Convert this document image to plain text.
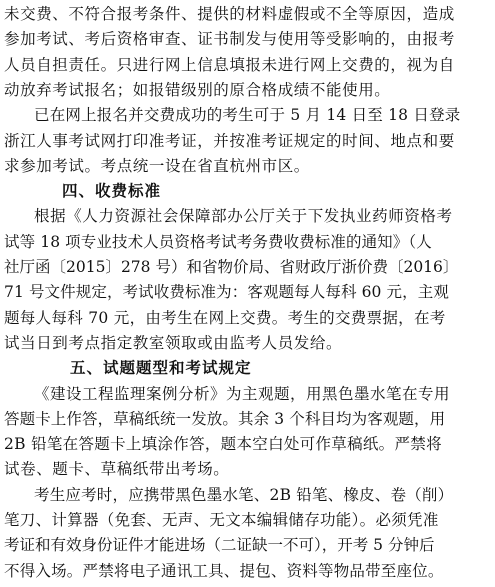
未交费、不符合报考条件、提供的材料虚假或不全等原因，造成
参加考试、考后资格审查、证书制发与使用等受影响的，由报考
人员自担责任。只进行网上信息填报未进行网上交费的，视为自
动放弃考试报名；如报错级别的原合格成绩不能使用。
已在网上报名并交费成功的考生可于 5 月 14 日至 18 日登录
浙江人事考试网打印准考证，并按准考证规定的时间、地点和要
求参加考试。考点统一设在省直杭州市区。
四、收费标准
根据《人力资源社会保障部办公厅关于下发执业药师资格考
试等 18 项专业技术人员资格考试考务费收费标准的通知》（人
社厅函〔2015〕278 号）和省物价局、省财政厅浙价费〔2016〕
71 号文件规定，考试收费标准为：客观题每人每科 60 元，主观
题每人每科 70 元，由考生在网上交费。考生的交费票据，在考
试当日到考点指定教室领取或由监考人员发给。
五、试题题型和考试规定
《建设工程监理案例分析》为主观题，用黑色墨水笔在专用
答题卡上作答，草稿纸统一发放。其余 3 个科目均为客观题，用
2B 铅笔在答题卡上填涂作答，题本空白处可作草稿纸。严禁将
试卷、题卡、草稿纸带出考场。
考生应考时，应携带黑色墨水笔、2B 铅笔、橡皮、卷（削）
笔刀、计算器（免套、无声、无文本编辑储存功能）。必须凭准
考证和有效身份证件才能进场（二证缺一不可），开考 5 分钟后
不得入场。严禁将电子通讯工具、提包、资料等物品带至座位。
